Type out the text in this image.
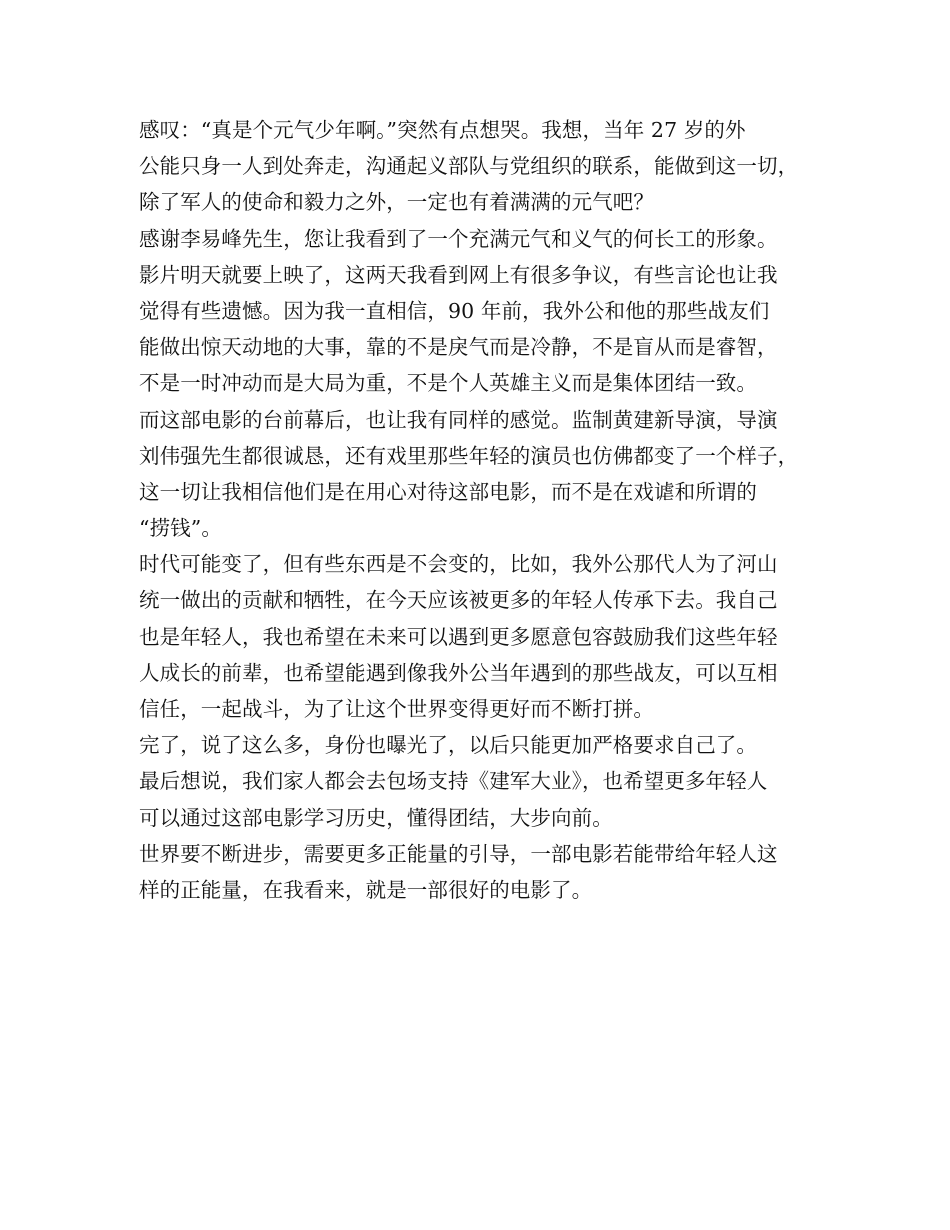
感叹：“真是个元气少年啊。”突然有点想哭。我想，当年 27 岁的外
公能只身一人到处奔走，沟通起义部队与党组织的联系，能做到这一切，
除了军人的使命和毅力之外，一定也有着满满的元气吧？
感谢李易峰先生，您让我看到了一个充满元气和义气的何长工的形象。
影片明天就要上映了，这两天我看到网上有很多争议，有些言论也让我
觉得有些遗憾。因为我一直相信，90 年前，我外公和他的那些战友们
能做出惊天动地的大事，靠的不是戾气而是冷静，不是盲从而是睿智，
不是一时冲动而是大局为重，不是个人英雄主义而是集体团结一致。
而这部电影的台前幕后，也让我有同样的感觉。监制黄建新导演，导演
刘伟强先生都很诚恳，还有戏里那些年轻的演员也仿佛都变了一个样子，
这一切让我相信他们是在用心对待这部电影，而不是在戏谑和所谓的
“捞钱”。
时代可能变了，但有些东西是不会变的，比如，我外公那代人为了河山
统一做出的贡献和牺牲，在今天应该被更多的年轻人传承下去。我自己
也是年轻人，我也希望在未来可以遇到更多愿意包容鼓励我们这些年轻
人成长的前辈，也希望能遇到像我外公当年遇到的那些战友，可以互相
信任，一起战斗，为了让这个世界变得更好而不断打拼。
完了，说了这么多，身份也曝光了，以后只能更加严格要求自己了。
最后想说，我们家人都会去包场支持《建军大业》，也希望更多年轻人
可以通过这部电影学习历史，懂得团结，大步向前。
世界要不断进步，需要更多正能量的引导，一部电影若能带给年轻人这
样的正能量，在我看来，就是一部很好的电影了。
